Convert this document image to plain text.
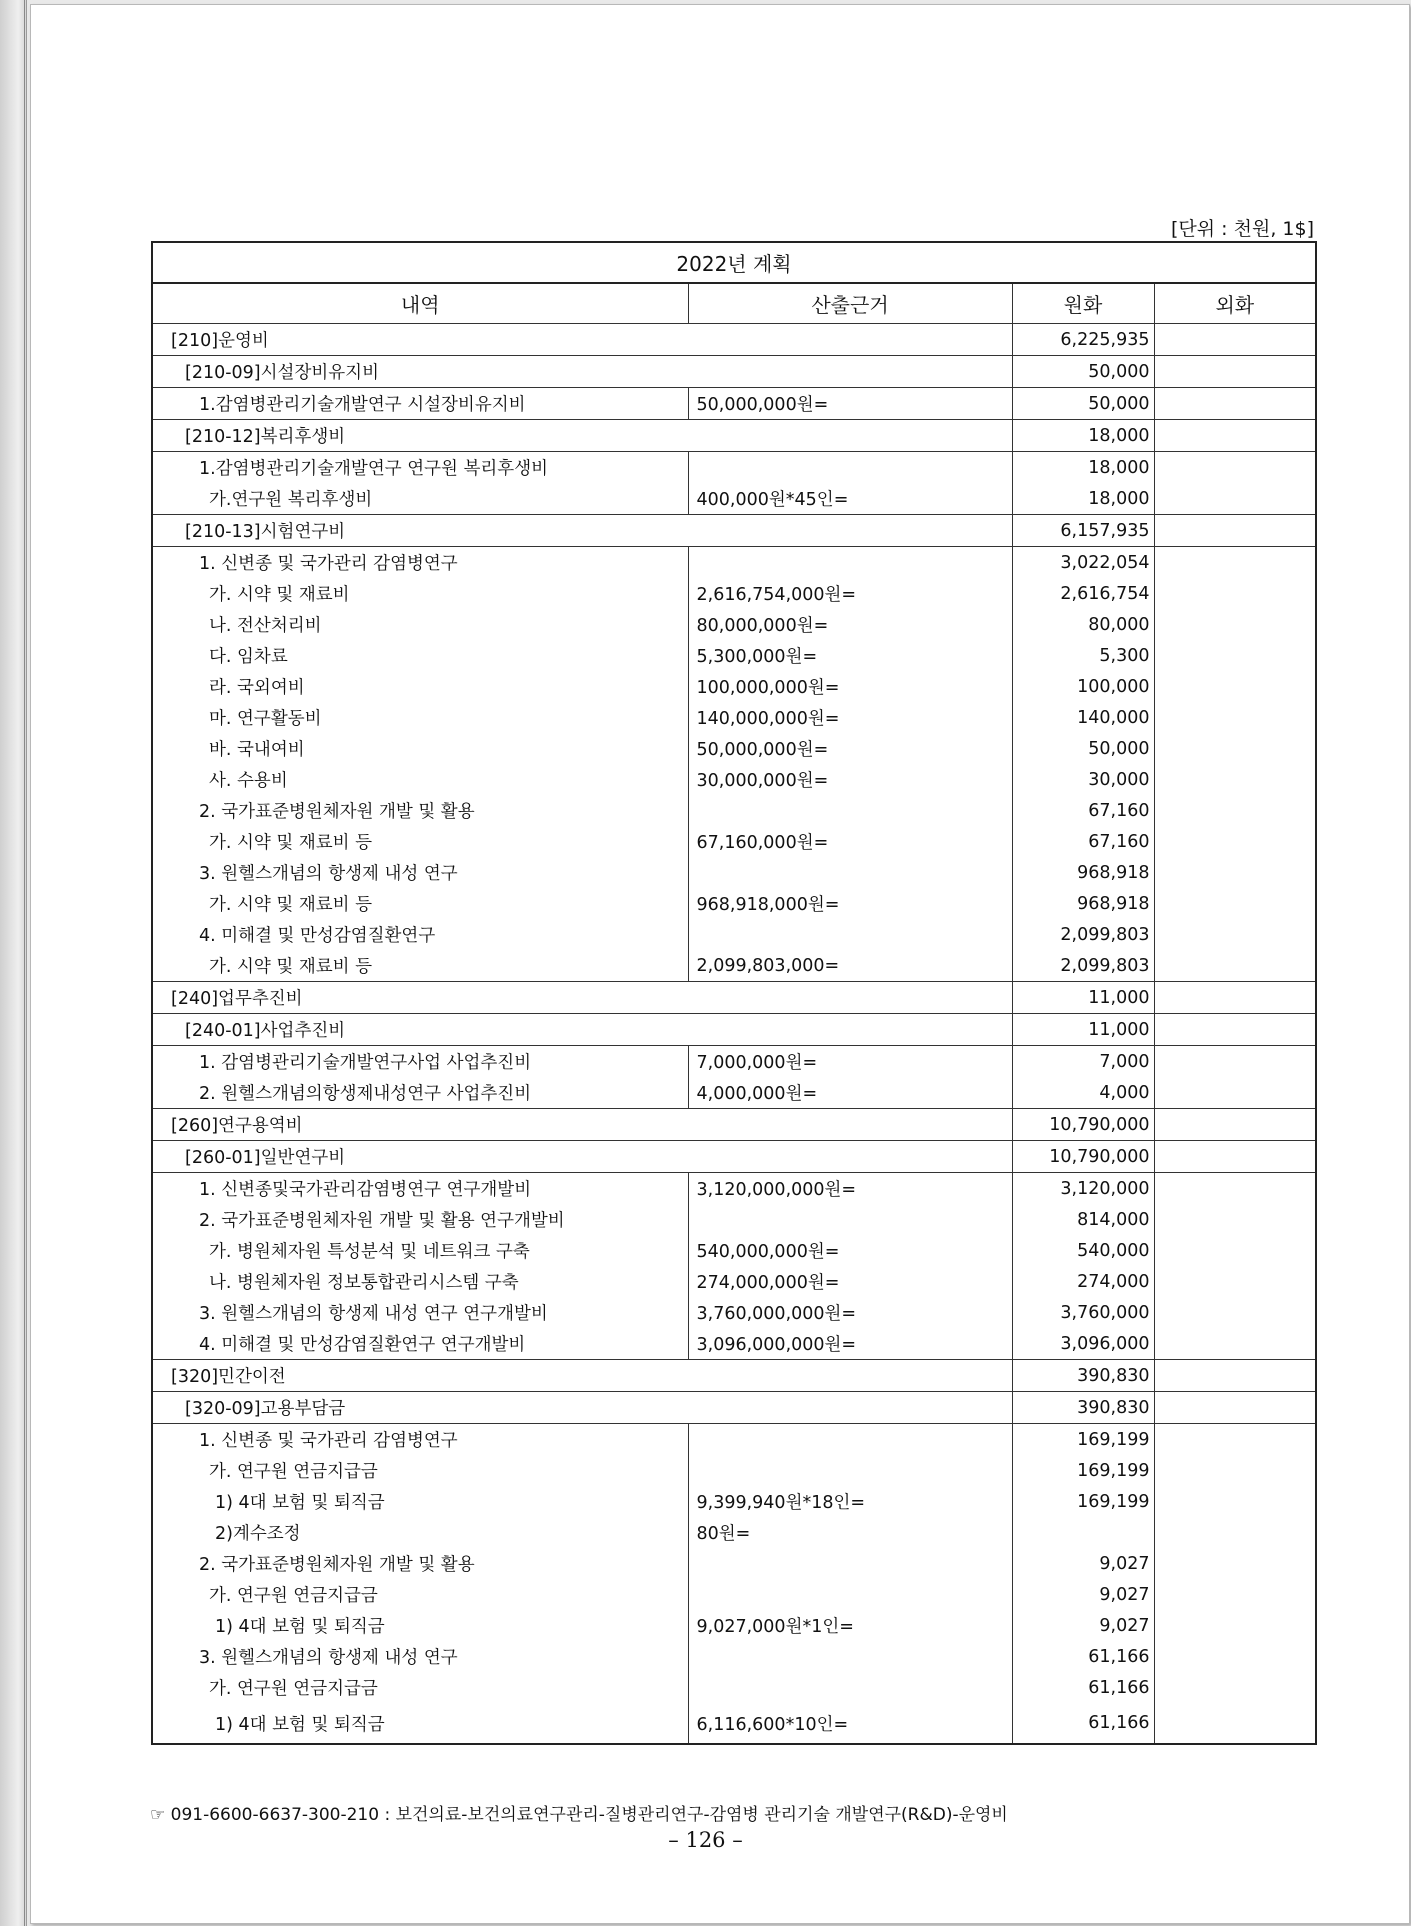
[단위 : 천원, 1$]
2022년 계획			
내역	산출근거	원화	외화
[210]운영비		6,225,935	
[210-09]시설장비유지비		50,000	
1.감염병관리기술개발연구 시설장비유지비	50,000,000원=	50,000	
[210-12]복리후생비		18,000	
1.감염병관리기술개발연구 연구원 복리후생비		18,000	
가.연구원 복리후생비	400,000원*45인=	18,000	
[210-13]시험연구비		6,157,935	
1. 신변종 및 국가관리 감염병연구		3,022,054	
가. 시약 및 재료비	2,616,754,000원=	2,616,754	
나. 전산처리비	80,000,000원=	80,000	
다. 임차료	5,300,000원=	5,300	
라. 국외여비	100,000,000원=	100,000	
마. 연구활동비	140,000,000원=	140,000	
바. 국내여비	50,000,000원=	50,000	
사. 수용비	30,000,000원=	30,000	
2. 국가표준병원체자원 개발 및 활용		67,160	
가. 시약 및 재료비 등	67,160,000원=	67,160	
3. 원헬스개념의 항생제 내성 연구		968,918	
가. 시약 및 재료비 등	968,918,000원=	968,918	
4. 미해결 및 만성감염질환연구		2,099,803	
가. 시약 및 재료비 등	2,099,803,000=	2,099,803	
[240]업무추진비		11,000	
[240-01]사업추진비		11,000	
1. 감염병관리기술개발연구사업 사업추진비	7,000,000원=	7,000	
2. 원헬스개념의항생제내성연구 사업추진비	4,000,000원=	4,000	
[260]연구용역비		10,790,000	
[260-01]일반연구비		10,790,000	
1. 신변종및국가관리감염병연구 연구개발비	3,120,000,000원=	3,120,000	
2. 국가표준병원체자원 개발 및 활용 연구개발비		814,000	
가. 병원체자원 특성분석 및 네트워크 구축	540,000,000원=	540,000	
나. 병원체자원 정보통합관리시스템 구축	274,000,000원=	274,000	
3. 원헬스개념의 항생제 내성 연구 연구개발비	3,760,000,000원=	3,760,000	
4. 미해결 및 만성감염질환연구 연구개발비	3,096,000,000원=	3,096,000	
[320]민간이전		390,830	
[320-09]고용부담금		390,830	
1. 신변종 및 국가관리 감염병연구		169,199	
가. 연구원 연금지급금		169,199	
1) 4대 보험 및 퇴직금	9,399,940원*18인=	169,199	
2)계수조정	80원=		
2. 국가표준병원체자원 개발 및 활용		9,027	
가. 연구원 연금지급금		9,027	
1) 4대 보험 및 퇴직금	9,027,000원*1인=	9,027	
3. 원헬스개념의 항생제 내성 연구		61,166	
가. 연구원 연금지급금		61,166	
1) 4대 보험 및 퇴직금	6,116,600*10인=	61,166	
☞ 091-6600-6637-300-210 : 보건의료-보건의료연구관리-질병관리연구-감염병 관리기술 개발연구(R&D)-운영비
– 126 –
